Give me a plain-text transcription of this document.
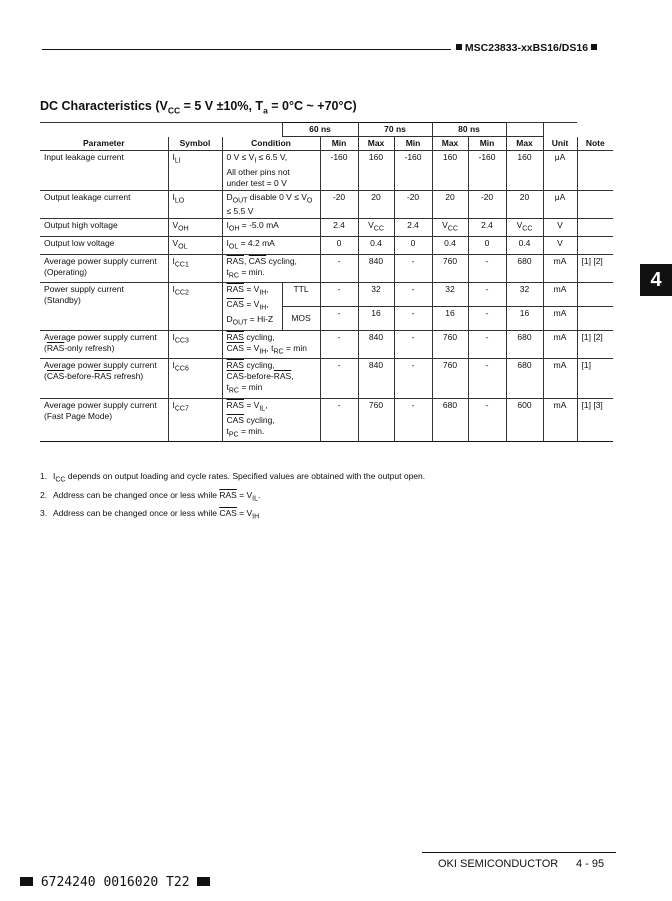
MSC23833-xxBS16/DS16
DC Characteristics ($V_{CC} = 5$ V ±10%, $T_a = 0^\circ C$ ~ +70°C)
4
			60 ns		70 ns		80 ns				
Parameter	Symbol	Condition		Min	Max	Min	Max	Min	Max	Unit	Note
Input leakage current	$I_{LI}$	0 $V \le V_I \le 6.5$ V,
All other pins not
under test = 0 V		-160	160	-160	160	-160	160	μA	
Output leakage current	$I_{LO}$	$D_{OUT}$ disable 0 $V \le V_O$
≤ 5.5 V		-20	20	-20	20	-20	20	μA	
Output high voltage	$V_{OH}$	$I_{OH} = -5.0$ mA		2.4	$V_{CC}$	2.4	$V_{CC}$	2.4	$V_{CC}$	V	
Output low voltage	$V_{OL}$	$I_{OL} = 4.2$ mA		0	0.4	0	0.4	0	0.4	V	
Average power supply current
(Operating)	$I_{CC1}$	$\overline{RAS}$, $\overline{CAS}$ cycling,
$t_{RC} = \min$.		-	840	-	760	-	680	mA	[1] [2]
Power supply current
(Standby)	$I_{CC2}$	$\overline{RAS} = V_{IH}$,
$\overline{CAS} = V_{IH}$,
$D_{OUT} = Hi-Z$	TTL	-	32	-	32	-	32	mA	
			MOS	-	16	-	16	-	16	mA	
Average power supply current
($\overline{RAS}$-only refresh)	$I_{CC3}$	$\overline{RAS}$ cycling,
$\overline{CAS} = V_{IH}$, $t_{RC} = \min$		-	840	-	760	-	680	mA	[1] [2]
Average power supply current
($\overline{CAS}-before-\overline{RAS}$ refresh)	$I_{CC6}$	$\overline{RAS}$ cycling,
$\overline{CAS}-before-\overline{RAS}$,
$t_{RC} = \min$		-	840	-	760	-	680	mA	[1]
Average power supply current
(Fast Page Mode)	$I_{CC7}$	$\overline{RAS} = V_{IL}$,
$\overline{CAS}$ cycling,
$t_{PC} = \min$.		-	760	-	680	-	600	mA	[1] [3]
1. $I_{CC}$ depends on output loading and cycle rates. Specified values are obtained with the output open.
2. Address can be changed once or less while $\overline{RAS} = V_{IL}$.
3. Address can be changed once or less while $\overline{CAS} = V_{IH}$
OKI SEMICONDUCTOR 4 - 95
6724240 0016020 T22
